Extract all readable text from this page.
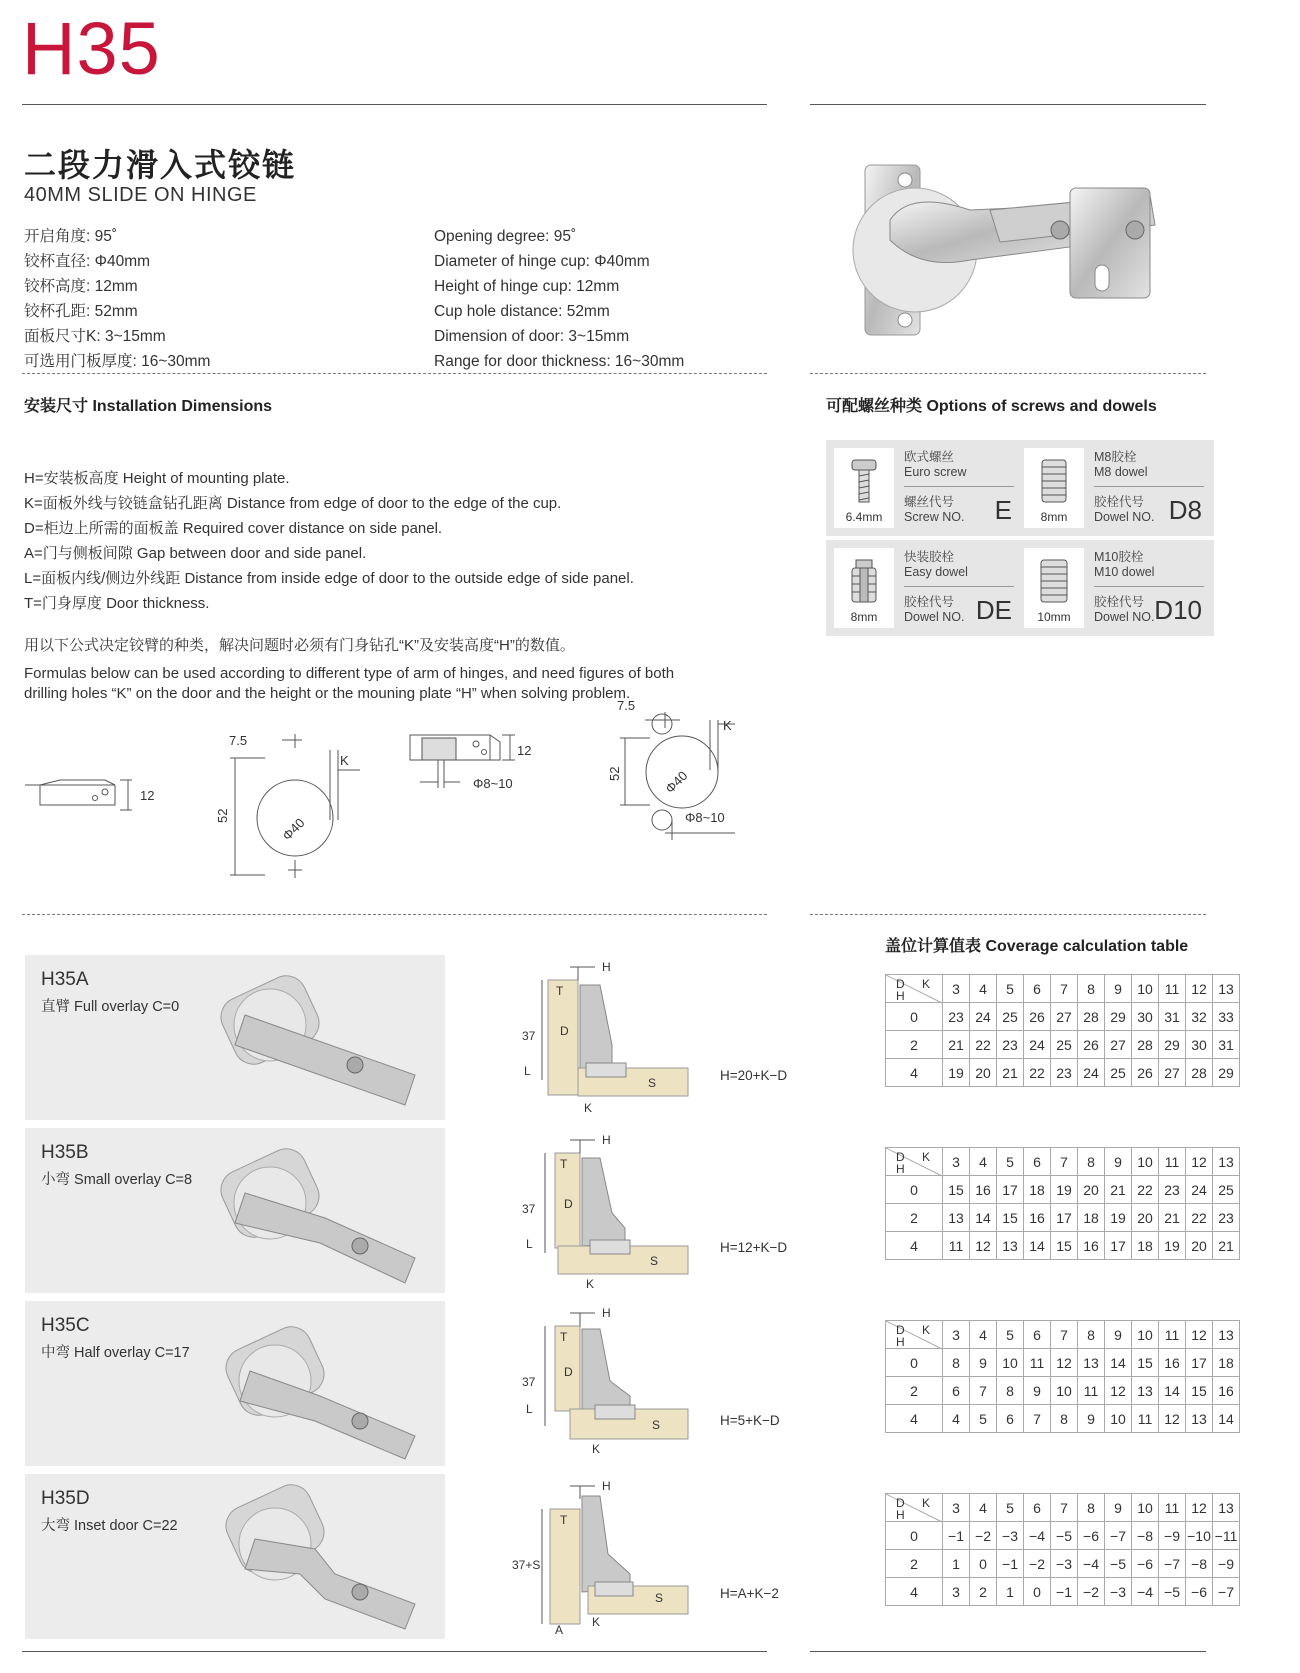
H35
二段力滑入式铰链
40MM SLIDE ON HINGE
开启角度: 95˚
铰杯直径: Φ40mm
铰杯高度: 12mm
铰杯孔距: 52mm
面板尺寸K: 3~15mm
可选用门板厚度: 16~30mm
Opening degree: 95˚
Diameter of hinge cup: Φ40mm
Height of hinge cup: 12mm
Cup hole distance: 52mm
Dimension of door: 3~15mm
Range for door thickness: 16~30mm
安装尺寸 Installation Dimensions
H=安装板高度 Height of mounting plate.
K=面板外线与铰链盒钻孔距离 Distance from edge of door to the edge of the cup.
D=柜边上所需的面板盖 Required cover distance on side panel.
A=门与侧板间隙 Gap between door and side panel.
L=面板内线/侧边外线距 Distance from inside edge of door to the outside edge of side panel.
T=门身厚度 Door thickness.
用以下公式决定铰臂的种类，解决问题时必须有门身钻孔“K”及安装高度“H”的数值。
Formulas below can be used according to different type of arm of hinges, and need figures of both
drilling holes “K” on the door and the height or the mouning plate “H” when solving problem.
12
7.5
52	Φ40
K
12
Φ8~10
7.5
52	Φ40
K
Φ8~10
可配螺丝种类 Options of screws and dowels
6.4mm
欧式螺丝
Euro screw
螺丝代号
Screw NO. E	8mm
M8胶栓
M8 dowel
胶栓代号
Dowel NO. D8
8mm
快装胶栓
Easy dowel
胶栓代号
Dowel NO. DE	10mm
M10胶栓
M10 dowel
胶栓代号
Dowel NO. D10
盖位计算值表 Coverage calculation table
H35A
直臂 Full overlay C=0
H35B
小弯 Small overlay C=8
H35C
中弯 Half overlay C=17
H35D
大弯 Inset door C=22
T
H
D
37
L
S
K
H=20+K−D
T
H
D
37
L
S
K
H=12+K−D
T
H
D
37
L
S
K
H=5+K−D
T
H
37+S
S
K
A
H=A+K−2
D K
H	3	4	5	6	7	8	9	10	11	12	13
0	23	24	25	26	27	28	29	30	31	32	33
2	21	22	23	24	25	26	27	28	29	30	31
4	19	20	21	22	23	24	25	26	27	28	29
D K
H	3	4	5	6	7	8	9	10	11	12	13
0	15	16	17	18	19	20	21	22	23	24	25
2	13	14	15	16	17	18	19	20	21	22	23
4	11	12	13	14	15	16	17	18	19	20	21
D K
H	3	4	5	6	7	8	9	10	11	12	13
0	8	9	10	11	12	13	14	15	16	17	18
2	6	7	8	9	10	11	12	13	14	15	16
4	4	5	6	7	8	9	10	11	12	13	14
D K
H	3	4	5	6	7	8	9	10	11	12	13
0	−1	−2	−3	−4	−5	−6	−7	−8	−9	−10	−11
2	1	0	−1	−2	−3	−4	−5	−6	−7	−8	−9
4	3	2	1	0	−1	−2	−3	−4	−5	−6	−7
